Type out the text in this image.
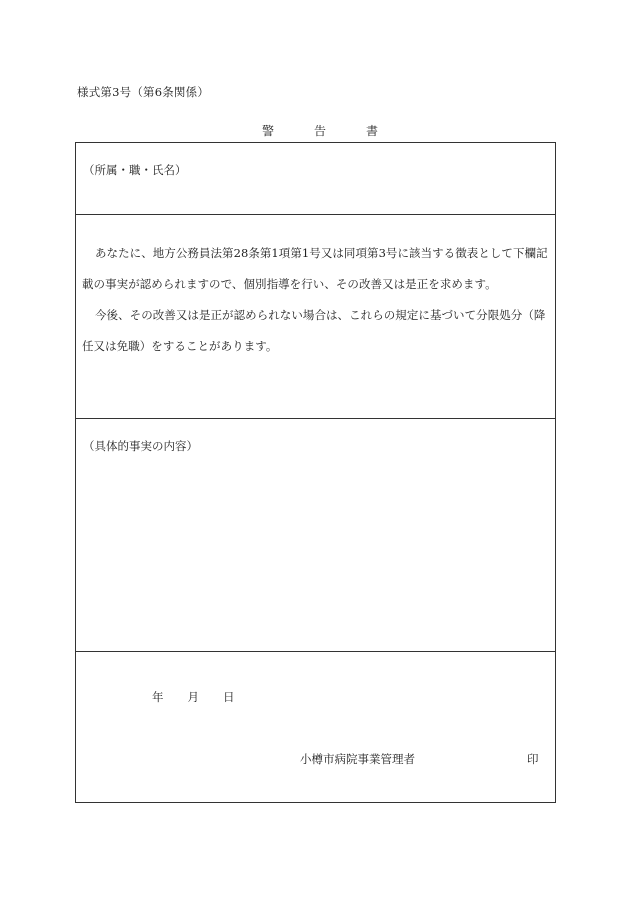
様式第3号（第6条関係）
警	告	書
（所属・職・氏名）
あなたに、地方公務員法第28条第1項第1号又は同項第3号に該当する徴表として下欄記
載の事実が認められますので、個別指導を行い、その改善又は是正を求めます。
今後、その改善又は是正が認められない場合は、これらの規定に基づいて分限処分（降
任又は免職）をすることがあります。
（具体的事実の内容）
年 月 日
小樽市病院事業管理者	印
